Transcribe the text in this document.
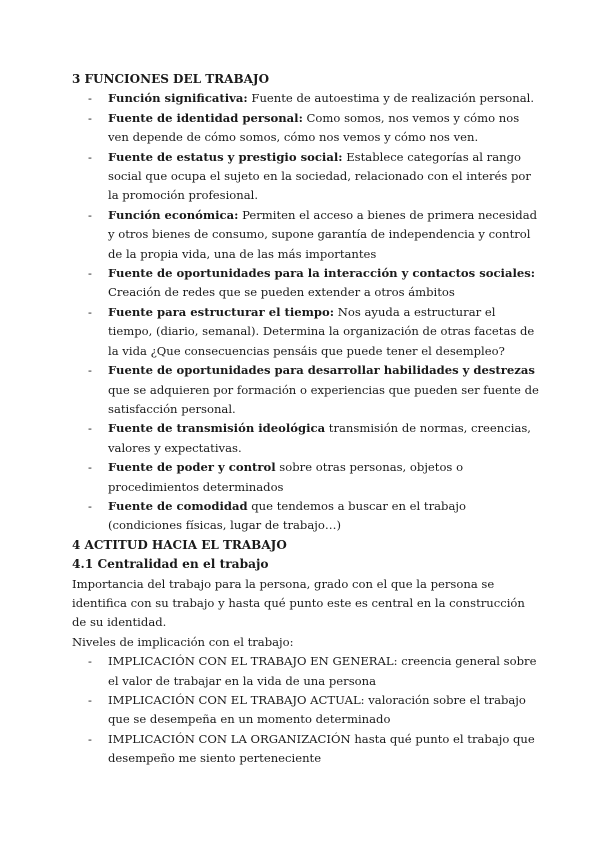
3 FUNCIONES DEL TRABAJO
- Función significativa: Fuente de autoestima y de realización personal.
- Fuente de identidad personal: Como somos, nos vemos y cómo nos ven depende de cómo somos, cómo nos vemos y cómo nos ven.
- Fuente de estatus y prestigio social: Establece categorías al rango social que ocupa el sujeto en la sociedad, relacionado con el interés por la promoción profesional.
- Función económica: Permiten el acceso a bienes de primera necesidad y otros bienes de consumo, supone garantía de independencia y control de la propia vida, una de las más importantes
- Fuente de oportunidades para la interacción y contactos sociales: Creación de redes que se pueden extender a otros ámbitos
- Fuente para estructurar el tiempo: Nos ayuda a estructurar el tiempo, (diario, semanal). Determina la organización de otras facetas de la vida ¿Que consecuencias pensáis que puede tener el desempleo?
- Fuente de oportunidades para desarrollar habilidades y destrezas que se adquieren por formación o experiencias que pueden ser fuente de satisfacción personal.
- Fuente de transmisión ideológica transmisión de normas, creencias, valores y expectativas.
- Fuente de poder y control sobre otras personas, objetos o procedimientos determinados
- Fuente de comodidad que tendemos a buscar en el trabajo (condiciones físicas, lugar de trabajo…)
4 ACTITUD HACIA EL TRABAJO
4.1 Centralidad en el trabajo
Importancia del trabajo para la persona, grado con el que la persona se identifica con su trabajo y hasta qué punto este es central en la construcción de su identidad.
Niveles de implicación con el trabajo:
- IMPLICACIÓN CON EL TRABAJO EN GENERAL: creencia general sobre el valor de trabajar en la vida de una persona
- IMPLICACIÓN CON EL TRABAJO ACTUAL: valoración sobre el trabajo que se desempeña en un momento determinado
- IMPLICACIÓN CON LA ORGANIZACIÓN hasta qué punto el trabajo que desempeño me siento perteneciente
